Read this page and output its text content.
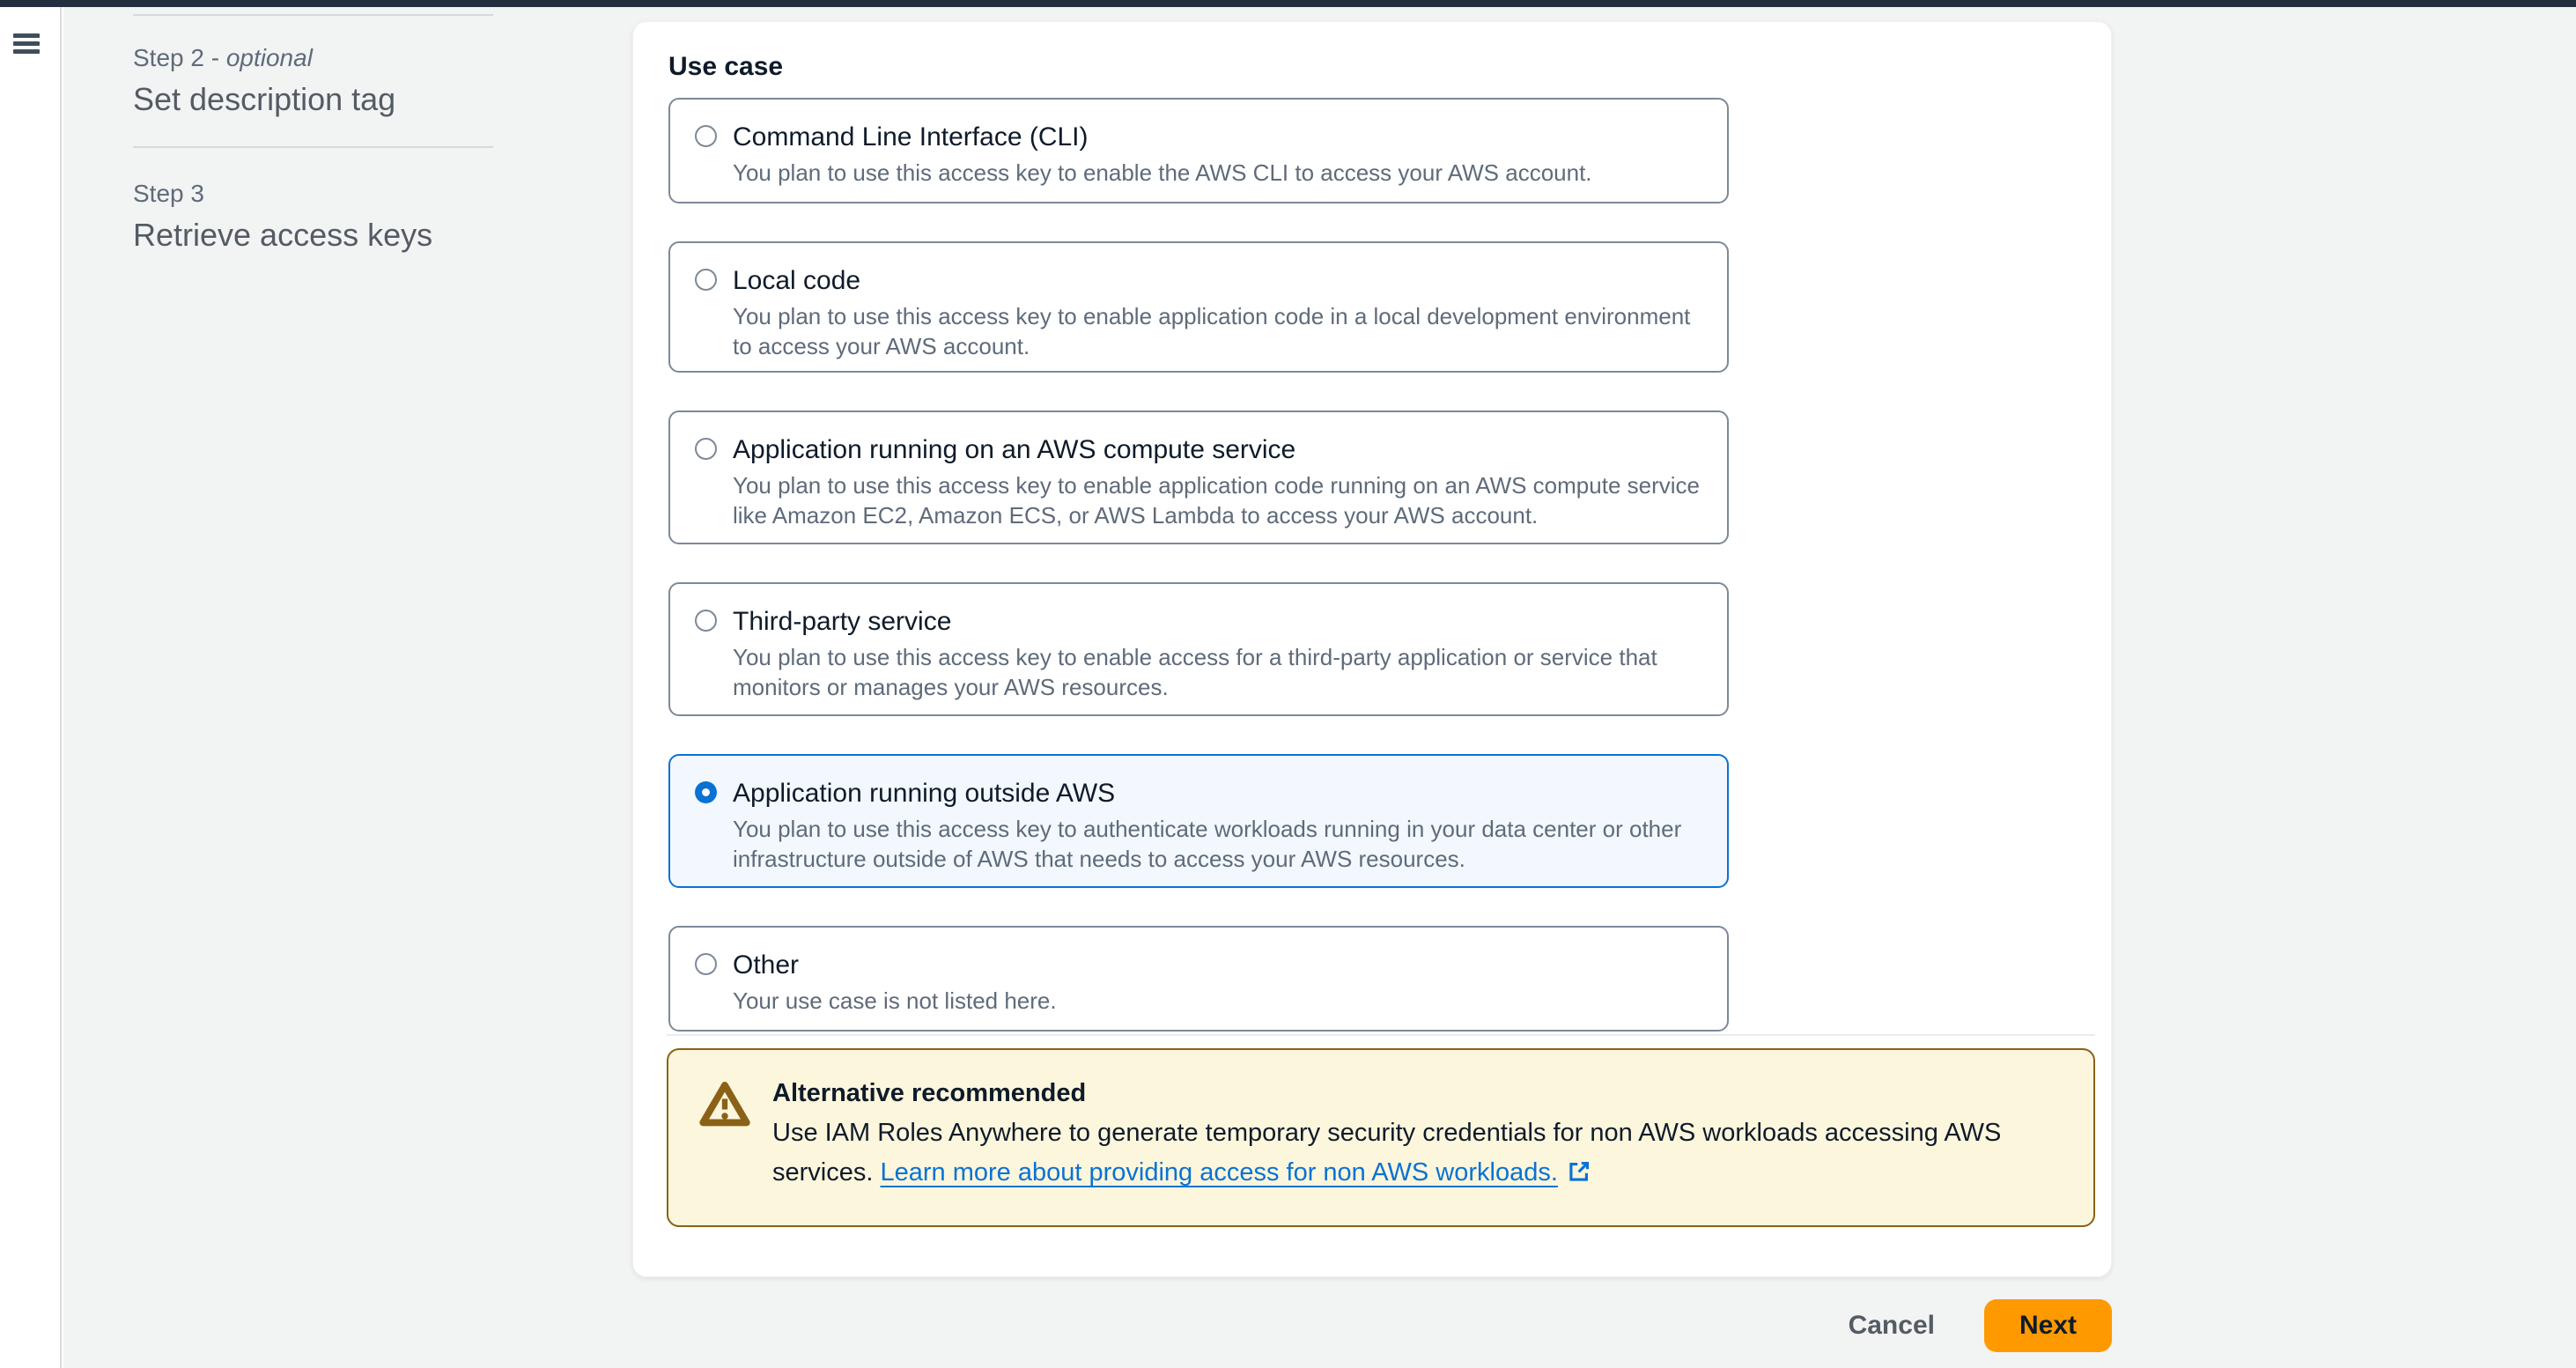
Step 2 - optional
Set description tag
Step 3
Retrieve access keys
Use case
Command Line Interface (CLI)
You plan to use this access key to enable the AWS CLI to access your AWS account.
Local code
You plan to use this access key to enable application code in a local development environment to access your AWS account.
Application running on an AWS compute service
You plan to use this access key to enable application code running on an AWS compute service like Amazon EC2, Amazon ECS, or AWS Lambda to access your AWS account.
Third-party service
You plan to use this access key to enable access for a third-party application or service that monitors or manages your AWS resources.
Application running outside AWS
You plan to use this access key to authenticate workloads running in your data center or other infrastructure outside of AWS that needs to access your AWS resources.
Other
Your use case is not listed here.
Alternative recommended
Use IAM Roles Anywhere to generate temporary security credentials for non AWS workloads accessing AWS
services. Learn more about providing access for non AWS workloads.
Cancel	Next
